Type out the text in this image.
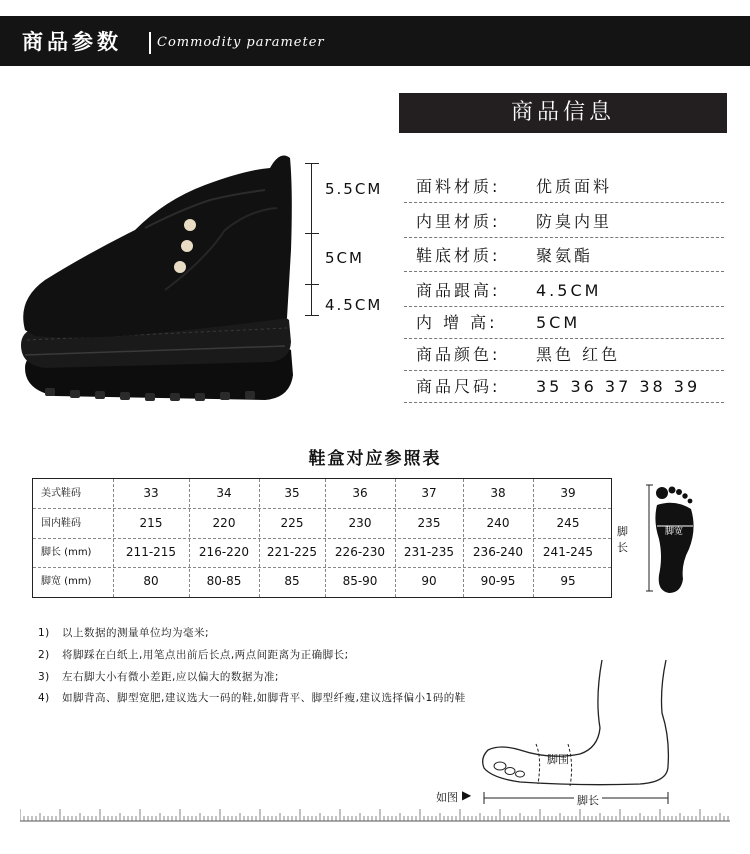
商品参数	Commodity parameter
5.5CM
5CM
4.5CM
商品信息
面料材质: 优质面料
内里材质: 防臭内里
鞋底材质: 聚氨酯
商品跟高: 4.5CM
内 增 高: 5CM
商品颜色: 黑色 红色
商品尺码: 35 36 37 38 39
鞋盒对应参照表
美式鞋码	33	34	35	36	37	38	39
国内鞋码	215	220	225	230	235	240	245
脚长 (mm)	211-215	216-220	221-225	226-230	231-235	236-240	241-245
脚宽 (mm)	80	80-85	85	85-90	90	90-95	95
脚长
脚宽
1) 以上数据的测量单位均为毫米;
2) 将脚踩在白纸上,用笔点出前后长点,两点间距离为正确脚长;
3) 左右脚大小有微小差距,应以偏大的数据为准;
4) 如脚背高、脚型宽肥,建议选大一码的鞋,如脚背平、脚型纤瘦,建议选择偏小1码的鞋
脚围
脚长
如图 ▶
